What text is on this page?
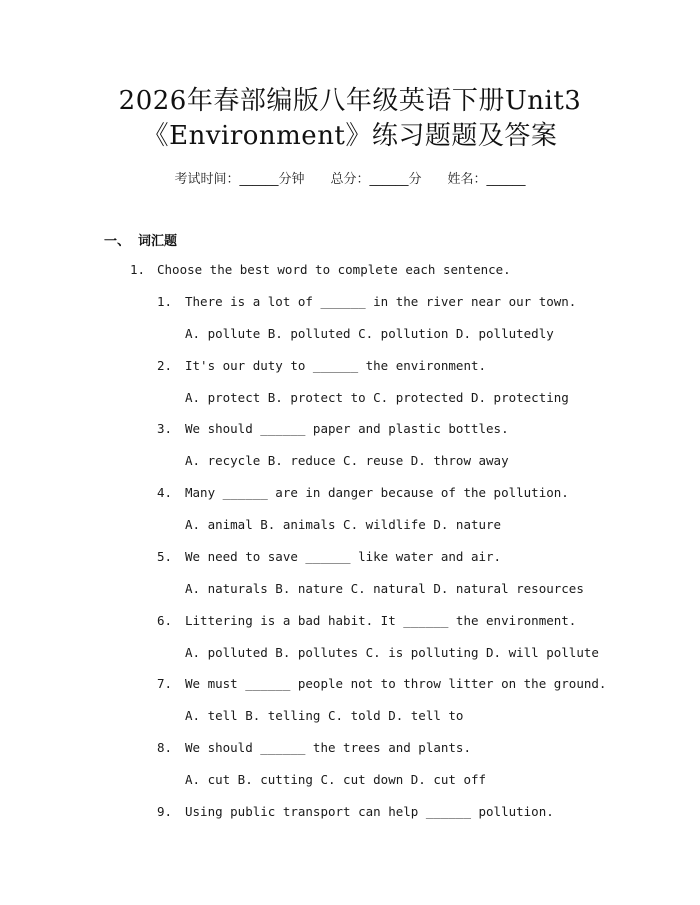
2026年春部编版八年级英语下册Unit3
《Environment》练习题题及答案
考试时间：______分钟 总分：______分 姓名：______
一、 词汇题
1. Choose the best word to complete each sentence.
1. There is a lot of ______ in the river near our town.
A. pollute B. polluted C. pollution D. pollutedly
2. It's our duty to ______ the environment.
A. protect B. protect to C. protected D. protecting
3. We should ______ paper and plastic bottles.
A. recycle B. reduce C. reuse D. throw away
4. Many ______ are in danger because of the pollution.
A. animal B. animals C. wildlife D. nature
5. We need to save ______ like water and air.
A. naturals B. nature C. natural D. natural resources
6. Littering is a bad habit. It ______ the environment.
A. polluted B. pollutes C. is polluting D. will pollute
7. We must ______ people not to throw litter on the ground.
A. tell B. telling C. told D. tell to
8. We should ______ the trees and plants.
A. cut B. cutting C. cut down D. cut off
9. Using public transport can help ______ pollution.
